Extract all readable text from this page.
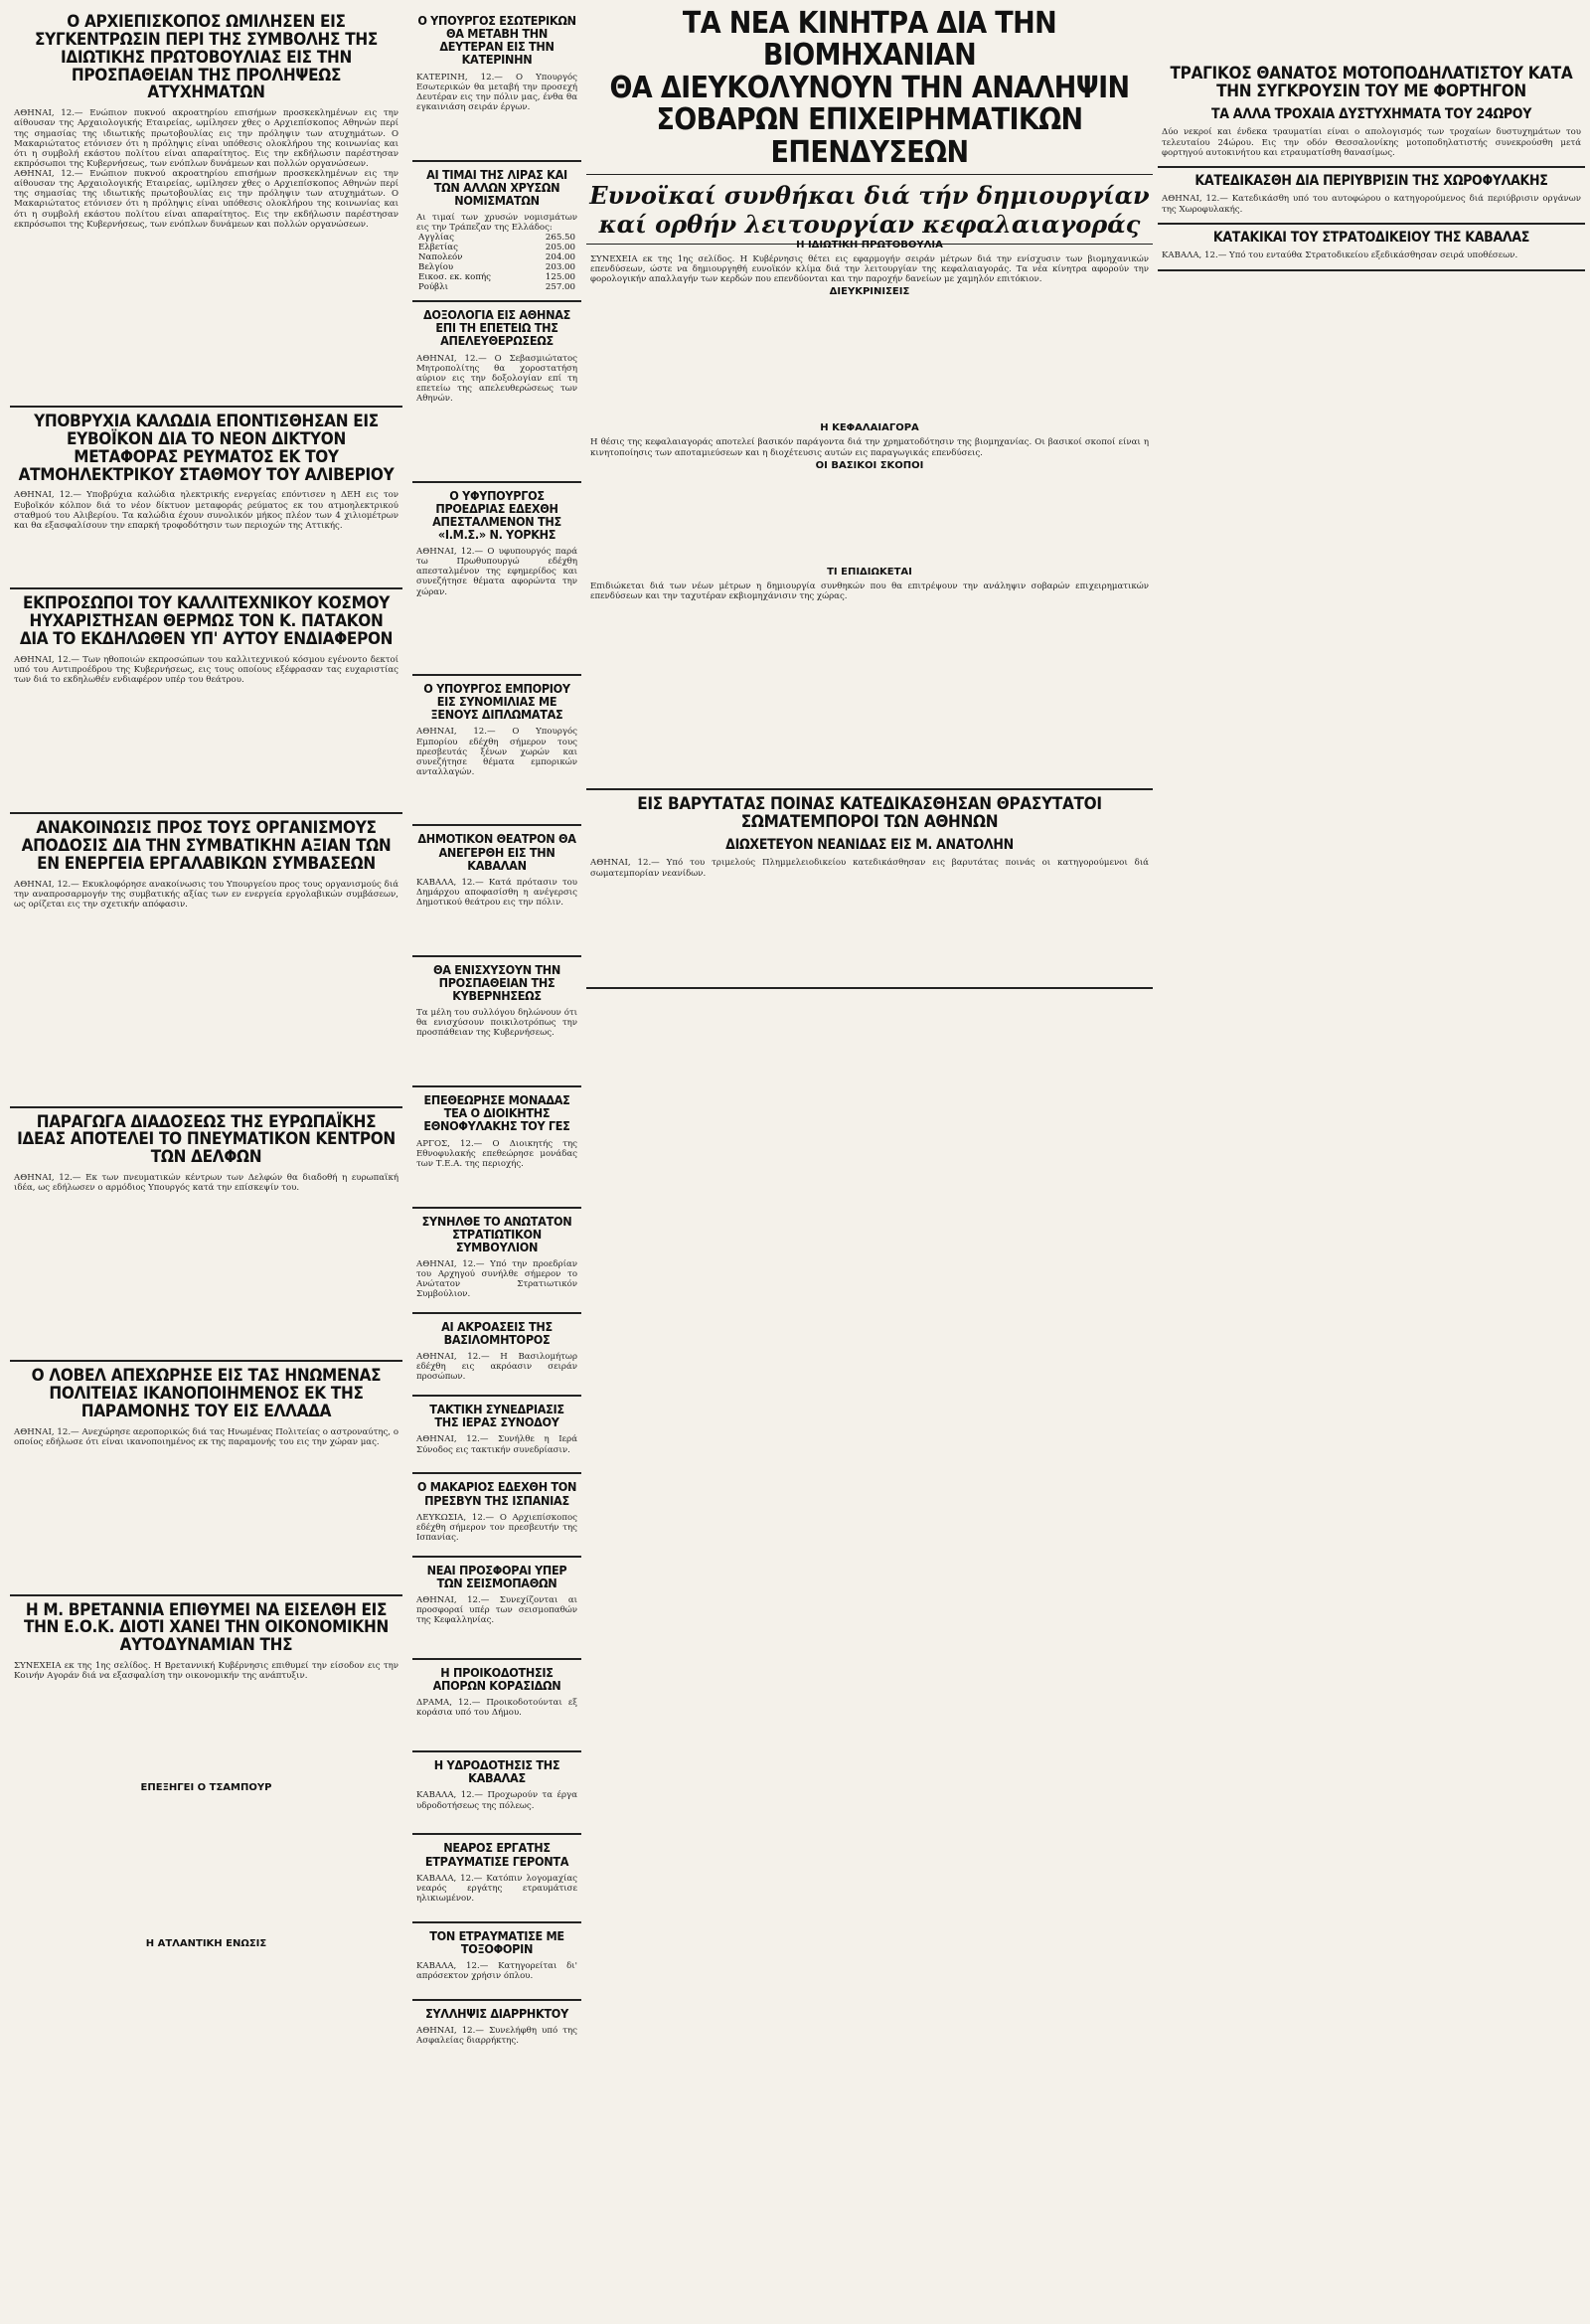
Ο ΑΡΧΙΕΠΙΣΚΟΠΟΣ ΩΜΙΛΗΣΕΝ ΕΙΣ ΣΥΓΚΕΝΤΡΩΣΙΝ ΠΕΡΙ ΤΗΣ ΣΥΜΒΟΛΗΣ ΤΗΣ ΙΔΙΩΤΙΚΗΣ ΠΡΩΤΟΒΟΥΛΙΑΣ ΕΙΣ ΤΗΝ ΠΡΟΣΠΑΘΕΙΑΝ ΤΗΣ ΠΡΟΛΗΨΕΩΣ ΑΤΥΧΗΜΑΤΩΝ

ΑΘΗΝΑΙ, 12.— Ενώπιον πυκνού ακροατηρίου επισήμων προσκεκλημένων εις την αίθουσαν της Αρχαιολογικής Εταιρείας, ωμίλησεν χθες ο Αρχιεπίσκοπος Αθηνών περί της σημασίας της ιδιωτικής πρωτοβουλίας εις την πρόληψιν των ατυχημάτων. Ο Μακαριώτατος ετόνισεν ότι η πρόληψις είναι υπόθεσις ολοκλήρου της κοινωνίας και ότι η συμβολή εκάστου πολίτου είναι απαραίτητος. Εις την εκδήλωσιν παρέστησαν εκπρόσωποι της Κυβερνήσεως, των ενόπλων δυνάμεων και πολλών οργανώσεων.

ΑΘΗΝΑΙ, 12.— Ενώπιον πυκνού ακροατηρίου επισήμων προσκεκλημένων εις την αίθουσαν της Αρχαιολογικής Εταιρείας, ωμίλησεν χθες ο Αρχιεπίσκοπος Αθηνών περί της σημασίας της ιδιωτικής πρωτοβουλίας εις την πρόληψιν των ατυχημάτων. Ο Μακαριώτατος ετόνισεν ότι η πρόληψις είναι υπόθεσις ολοκλήρου της κοινωνίας και ότι η συμβολή εκάστου πολίτου είναι απαραίτητος. Εις την εκδήλωσιν παρέστησαν εκπρόσωποι της Κυβερνήσεως, των ενόπλων δυνάμεων και πολλών οργανώσεων.

ΥΠΟΒΡΥΧΙΑ ΚΑΛΩΔΙΑ ΕΠΟΝΤΙΣΘΗΣΑΝ ΕΙΣ ΕΥΒΟΪΚΟΝ ΔΙΑ ΤΟ ΝΕΟΝ ΔΙΚΤΥΟΝ ΜΕΤΑΦΟΡΑΣ ΡΕΥΜΑΤΟΣ ΕΚ ΤΟΥ ΑΤΜΟΗΛΕΚΤΡΙΚΟΥ ΣΤΑΘΜΟΥ ΤΟΥ ΑΛΙΒΕΡΙΟΥ

ΑΘΗΝΑΙ, 12.— Υποβρύχια καλώδια ηλεκτρικής ενεργείας επόντισεν η ΔΕΗ εις τον Ευβοϊκόν κόλπον διά το νέον δίκτυον μεταφοράς ρεύματος εκ του ατμοηλεκτρικού σταθμού του Αλιβερίου. Τα καλώδια έχουν συνολικόν μήκος πλέον των 4 χιλιομέτρων και θα εξασφαλίσουν την επαρκή τροφοδότησιν των περιοχών της Αττικής.

ΕΚΠΡΟΣΩΠΟΙ ΤΟΥ ΚΑΛΛΙΤΕΧΝΙΚΟΥ ΚΟΣΜΟΥ ΗΥΧΑΡΙΣΤΗΣΑΝ ΘΕΡΜΩΣ ΤΟΝ Κ. ΠΑΤΑΚΟΝ ΔΙΑ ΤΟ ΕΚΔΗΛΩΘΕΝ ΥΠ' ΑΥΤΟΥ ΕΝΔΙΑΦΕΡΟΝ

ΑΘΗΝΑΙ, 12.— Των ηθοποιών εκπροσώπων του καλλιτεχνικού κόσμου εγένοντο δεκτοί υπό του Αντιπροέδρου της Κυβερνήσεως, εις τους οποίους εξέφρασαν τας ευχαριστίας των διά το εκδηλωθέν ενδιαφέρον υπέρ του θεάτρου.

ΑΝΑΚΟΙΝΩΣΙΣ ΠΡΟΣ ΤΟΥΣ ΟΡΓΑΝΙΣΜΟΥΣ ΑΠΟΔΟΣΙΣ ΔΙΑ ΤΗΝ ΣΥΜΒΑΤΙΚΗΝ ΑΞΙΑΝ ΤΩΝ ΕΝ ΕΝΕΡΓΕΙΑ ΕΡΓΑΛΑΒΙΚΩΝ ΣΥΜΒΑΣΕΩΝ

ΑΘΗΝΑΙ, 12.— Εκυκλοφόρησε ανακοίνωσις του Υπουργείου προς τους οργανισμούς διά την αναπροσαρμογήν της συμβατικής αξίας των εν ενεργεία εργολαβικών συμβάσεων, ως ορίζεται εις την σχετικήν απόφασιν.

ΠΑΡΑΓΩΓΑ ΔΙΑΔΟΣΕΩΣ ΤΗΣ ΕΥΡΩΠΑΪΚΗΣ ΙΔΕΑΣ ΑΠΟΤΕΛΕΙ ΤΟ ΠΝΕΥΜΑΤΙΚΟΝ ΚΕΝΤΡΟΝ ΤΩΝ ΔΕΛΦΩΝ

ΑΘΗΝΑΙ, 12.— Εκ των πνευματικών κέντρων των Δελφών θα διαδοθή η ευρωπαϊκή ιδέα, ως εδήλωσεν ο αρμόδιος Υπουργός κατά την επίσκεψίν του.

Ο ΛΟΒΕΛ ΑΠΕΧΩΡΗΣΕ ΕΙΣ ΤΑΣ ΗΝΩΜΕΝΑΣ ΠΟΛΙΤΕΙΑΣ ΙΚΑΝΟΠΟΙΗΜΕΝΟΣ ΕΚ ΤΗΣ ΠΑΡΑΜΟΝΗΣ ΤΟΥ ΕΙΣ ΕΛΛΑΔΑ

ΑΘΗΝΑΙ, 12.— Ανεχώρησε αεροπορικώς διά τας Ηνωμένας Πολιτείας ο αστροναύτης, ο οποίος εδήλωσε ότι είναι ικανοποιημένος εκ της παραμονής του εις την χώραν μας.

Η Μ. ΒΡΕΤΑΝΝΙΑ ΕΠΙΘΥΜΕΙ ΝΑ ΕΙΣΕΛΘΗ ΕΙΣ ΤΗΝ Ε.Ο.Κ. ΔΙΟΤΙ ΧΑΝΕΙ ΤΗΝ ΟΙΚΟΝΟΜΙΚΗΝ ΑΥΤΟΔΥΝΑΜΙΑΝ ΤΗΣ

ΣΥΝΕΧΕΙΑ εκ της 1ης σελίδος. Η Βρεταννική Κυβέρνησις επιθυμεί την είσοδον εις την Κοινήν Αγοράν διά να εξασφαλίση την οικονομικήν της ανάπτυξιν.

ΕΠΕΞΗΓΕΙ Ο ΤΣΑΜΠΟΥΡ

Η ΑΤΛΑΝΤΙΚΗ ΕΝΩΣΙΣ
Ο ΥΠΟΥΡΓΟΣ ΕΣΩΤΕΡΙΚΩΝ ΘΑ ΜΕΤΑΒΗ ΤΗΝ ΔΕΥΤΕΡΑΝ ΕΙΣ ΤΗΝ ΚΑΤΕΡΙΝΗΝ

ΚΑΤΕΡΙΝΗ, 12.— Ο Υπουργός Εσωτερικών θα μεταβή την προσεχή Δευτέραν εις την πόλιν μας, ένθα θα εγκαινιάση σειράν έργων.

ΑΙ ΤΙΜΑΙ ΤΗΣ ΛΙΡΑΣ ΚΑΙ ΤΩΝ ΑΛΛΩΝ ΧΡΥΣΩΝ ΝΟΜΙΣΜΑΤΩΝ

Αι τιμαί των χρυσών νομισμάτων εις την Τράπεζαν της Ελλάδος:

Αγγλίας	265.50
Ελβετίας	205.00
Ναπολεόν	204.00
Βελγίου	203.00
Εικοσ. εκ. κοπής	125.00
Ρούβλι	257.00
ΔΟΞΟΛΟΓΙΑ ΕΙΣ ΑΘΗΝΑΣ ΕΠΙ ΤΗ ΕΠΕΤΕΙΩ ΤΗΣ ΑΠΕΛΕΥΘΕΡΩΣΕΩΣ

ΑΘΗΝΑΙ, 12.— Ο Σεβασμιώτατος Μητροπολίτης θα χοροστατήση αύριον εις την δοξολογίαν επί τη επετείω της απελευθερώσεως των Αθηνών.

Ο ΥΦΥΠΟΥΡΓΟΣ ΠΡΟΕΔΡΙΑΣ ΕΔΕΧΘΗ ΑΠΕΣΤΑΛΜΕΝΟΝ ΤΗΣ «Ι.Μ.Σ.» Ν. ΥΟΡΚΗΣ

ΑΘΗΝΑΙ, 12.— Ο υφυπουργός παρά τω Πρωθυπουργώ εδέχθη απεσταλμένον της εφημερίδος και συνεζήτησε θέματα αφορώντα την χώραν.

Ο ΥΠΟΥΡΓΟΣ ΕΜΠΟΡΙΟΥ ΕΙΣ ΣΥΝΟΜΙΛΙΑΣ ΜΕ ΞΕΝΟΥΣ ΔΙΠΛΩΜΑΤΑΣ

ΑΘΗΝΑΙ, 12.— Ο Υπουργός Εμπορίου εδέχθη σήμερον τους πρεσβευτάς ξένων χωρών και συνεζήτησε θέματα εμπορικών ανταλλαγών.

ΔΗΜΟΤΙΚΟΝ ΘΕΑΤΡΟΝ ΘΑ ΑΝΕΓΕΡΘΗ ΕΙΣ ΤΗΝ ΚΑΒΑΛΑΝ

ΚΑΒΑΛΑ, 12.— Κατά πρότασιν του Δημάρχου αποφασίσθη η ανέγερσις Δημοτικού θεάτρου εις την πόλιν.

ΘΑ ΕΝΙΣΧΥΣΟΥΝ ΤΗΝ ΠΡΟΣΠΑΘΕΙΑΝ ΤΗΣ ΚΥΒΕΡΝΗΣΕΩΣ

Τα μέλη του συλλόγου δηλώνουν ότι θα ενισχύσουν ποικιλοτρόπως την προσπάθειαν της Κυβερνήσεως.

ΕΠΕΘΕΩΡΗΣΕ ΜΟΝΑΔΑΣ ΤΕΑ Ο ΔΙΟΙΚΗΤΗΣ ΕΘΝΟΦΥΛΑΚΗΣ ΤΟΥ ΓΕΣ

ΑΡΓΟΣ, 12.— Ο Διοικητής της Εθνοφυλακής επεθεώρησε μονάδας των Τ.Ε.Α. της περιοχής.

ΣΥΝΗΛΘΕ ΤΟ ΑΝΩΤΑΤΟΝ ΣΤΡΑΤΙΩΤΙΚΟΝ ΣΥΜΒΟΥΛΙΟΝ

ΑΘΗΝΑΙ, 12.— Υπό την προεδρίαν του Αρχηγού συνήλθε σήμερον το Ανώτατον Στρατιωτικόν Συμβούλιον.

ΑΙ ΑΚΡΟΑΣΕΙΣ ΤΗΣ ΒΑΣΙΛΟΜΗΤΟΡΟΣ

ΑΘΗΝΑΙ, 12.— Η Βασιλομήτωρ εδέχθη εις ακρόασιν σειράν προσώπων.

ΤΑΚΤΙΚΗ ΣΥΝΕΔΡΙΑΣΙΣ ΤΗΣ ΙΕΡΑΣ ΣΥΝΟΔΟΥ

ΑΘΗΝΑΙ, 12.— Συνήλθε η Ιερά Σύνοδος εις τακτικήν συνεδρίασιν.

Ο ΜΑΚΑΡΙΟΣ ΕΔΕΧΘΗ ΤΟΝ ΠΡΕΣΒΥΝ ΤΗΣ ΙΣΠΑΝΙΑΣ

ΛΕΥΚΩΣΙΑ, 12.— Ο Αρχιεπίσκοπος εδέχθη σήμερον τον πρεσβευτήν της Ισπανίας.

ΝΕΑΙ ΠΡΟΣΦΟΡΑΙ ΥΠΕΡ ΤΩΝ ΣΕΙΣΜΟΠΑΘΩΝ

ΑΘΗΝΑΙ, 12.— Συνεχίζονται αι προσφοραί υπέρ των σεισμοπαθών της Κεφαλληνίας.

Η ΠΡΟΙΚΟΔΟΤΗΣΙΣ ΑΠΟΡΩΝ ΚΟΡΑΣΙΔΩΝ

ΔΡΑΜΑ, 12.— Προικοδοτούνται εξ κοράσια υπό του Δήμου.

Η ΥΔΡΟΔΟΤΗΣΙΣ ΤΗΣ ΚΑΒΑΛΑΣ

ΚΑΒΑΛΑ, 12.— Προχωρούν τα έργα υδροδοτήσεως της πόλεως.

ΝΕΑΡΟΣ ΕΡΓΑΤΗΣ ΕΤΡΑΥΜΑΤΙΣΕ ΓΕΡΟΝΤΑ

ΚΑΒΑΛΑ, 12.— Κατόπιν λογομαχίας νεαρός εργάτης ετραυμάτισε ηλικιωμένον.

ΤΟΝ ΕΤΡΑΥΜΑΤΙΣΕ ΜΕ ΤΟΞΟΦΟΡΙΝ

ΚΑΒΑΛΑ, 12.— Κατηγορείται δι' απρόσεκτον χρήσιν όπλου.

ΣΥΛΛΗΨΙΣ ΔΙΑΡΡΗΚΤΟΥ

ΑΘΗΝΑΙ, 12.— Συνελήφθη υπό της Ασφαλείας διαρρήκτης.

ΤΑ ΝΕΑ ΚΙΝΗΤΡΑ ΔΙΑ ΤΗΝ ΒΙΟΜΗΧΑΝΙΑΝ
ΘΑ ΔΙΕΥΚΟΛΥΝΟΥΝ ΤΗΝ ΑΝΑΛΗΨΙΝ
ΣΟΒΑΡΩΝ ΕΠΙΧΕΙΡΗΜΑΤΙΚΩΝ ΕΠΕΝΔΥΣΕΩΝ
Ευνοϊκαί συνθήκαι διά τήν δημιουργίαν καί ορθήν λειτουργίαν κεφαλαιαγοράς
Η ΙΔΙΩΤΙΚΗ ΠΡΩΤΟΒΟΥΛΙΑ

ΣΥΝΕΧΕΙΑ εκ της 1ης σελίδος. Η Κυβέρνησις θέτει εις εφαρμογήν σειράν μέτρων διά την ενίσχυσιν των βιομηχανικών επενδύσεων, ώστε να δημιουργηθή ευνοϊκόν κλίμα διά την λειτουργίαν της κεφαλαιαγοράς. Τα νέα κίνητρα αφορούν την φορολογικήν απαλλαγήν των κερδών που επενδύονται και την παροχήν δανείων με χαμηλόν επιτόκιον.

ΔΙΕΥΚΡΙΝΙΣΕΙΣ

Η ΚΕΦΑΛΑΙΑΓΟΡΑ

Η θέσις της κεφαλαιαγοράς αποτελεί βασικόν παράγοντα διά την χρηματοδότησιν της βιομηχανίας. Οι βασικοί σκοποί είναι η κινητοποίησις των αποταμιεύσεων και η διοχέτευσις αυτών εις παραγωγικάς επενδύσεις.

ΟΙ ΒΑΣΙΚΟΙ ΣΚΟΠΟΙ

ΤΙ ΕΠΙΔΙΩΚΕΤΑΙ

Επιδιώκεται διά των νέων μέτρων η δημιουργία συνθηκών που θα επιτρέψουν την ανάληψιν σοβαρών επιχειρηματικών επενδύσεων και την ταχυτέραν εκβιομηχάνισιν της χώρας.

ΕΙΣ ΒΑΡΥΤΑΤΑΣ ΠΟΙΝΑΣ ΚΑΤΕΔΙΚΑΣΘΗΣΑΝ ΘΡΑΣΥΤΑΤΟΙ ΣΩΜΑΤΕΜΠΟΡΟΙ ΤΩΝ ΑΘΗΝΩΝ
ΔΙΩΧΕΤΕΥΟΝ ΝΕΑΝΙΔΑΣ ΕΙΣ Μ. ΑΝΑΤΟΛΗΝ

ΑΘΗΝΑΙ, 12.— Υπό του τριμελούς Πλημμελειοδικείου κατεδικάσθησαν εις βαρυτάτας ποινάς οι κατηγορούμενοι διά σωματεμπορίαν νεανίδων.

ΤΡΑΓΙΚΟΣ ΘΑΝΑΤΟΣ ΜΟΤΟΠΟΔΗΛΑΤΙΣΤΟΥ ΚΑΤΑ ΤΗΝ ΣΥΓΚΡΟΥΣΙΝ ΤΟΥ ΜΕ ΦΟΡΤΗΓΟΝ
ΤΑ ΑΛΛΑ ΤΡΟΧΑΙΑ ΔΥΣΤΥΧΗΜΑΤΑ ΤΟΥ 24ΩΡΟΥ

Δύο νεκροί και ένδεκα τραυματίαι είναι ο απολογισμός των τροχαίων δυστυχημάτων του τελευταίου 24ώρου. Εις την οδόν Θεσσαλονίκης μοτοποδηλατιστής συνεκρούσθη μετά φορτηγού αυτοκινήτου και ετραυματίσθη θανασίμως.

ΚΑΤΕΔΙΚΑΣΘΗ ΔΙΑ ΠΕΡΙΥΒΡΙΣΙΝ ΤΗΣ ΧΩΡΟΦΥΛΑΚΗΣ

ΑΘΗΝΑΙ, 12.— Κατεδικάσθη υπό του αυτοφώρου ο κατηγορούμενος διά περιύβρισιν οργάνων της Χωροφυλακής.

ΚΑΤΑΚΙΚΑΙ ΤΟΥ ΣΤΡΑΤΟΔΙΚΕΙΟΥ ΤΗΣ ΚΑΒΑΛΑΣ

ΚΑΒΑΛΑ, 12.— Υπό του ενταύθα Στρατοδικείου εξεδικάσθησαν σειρά υποθέσεων.
